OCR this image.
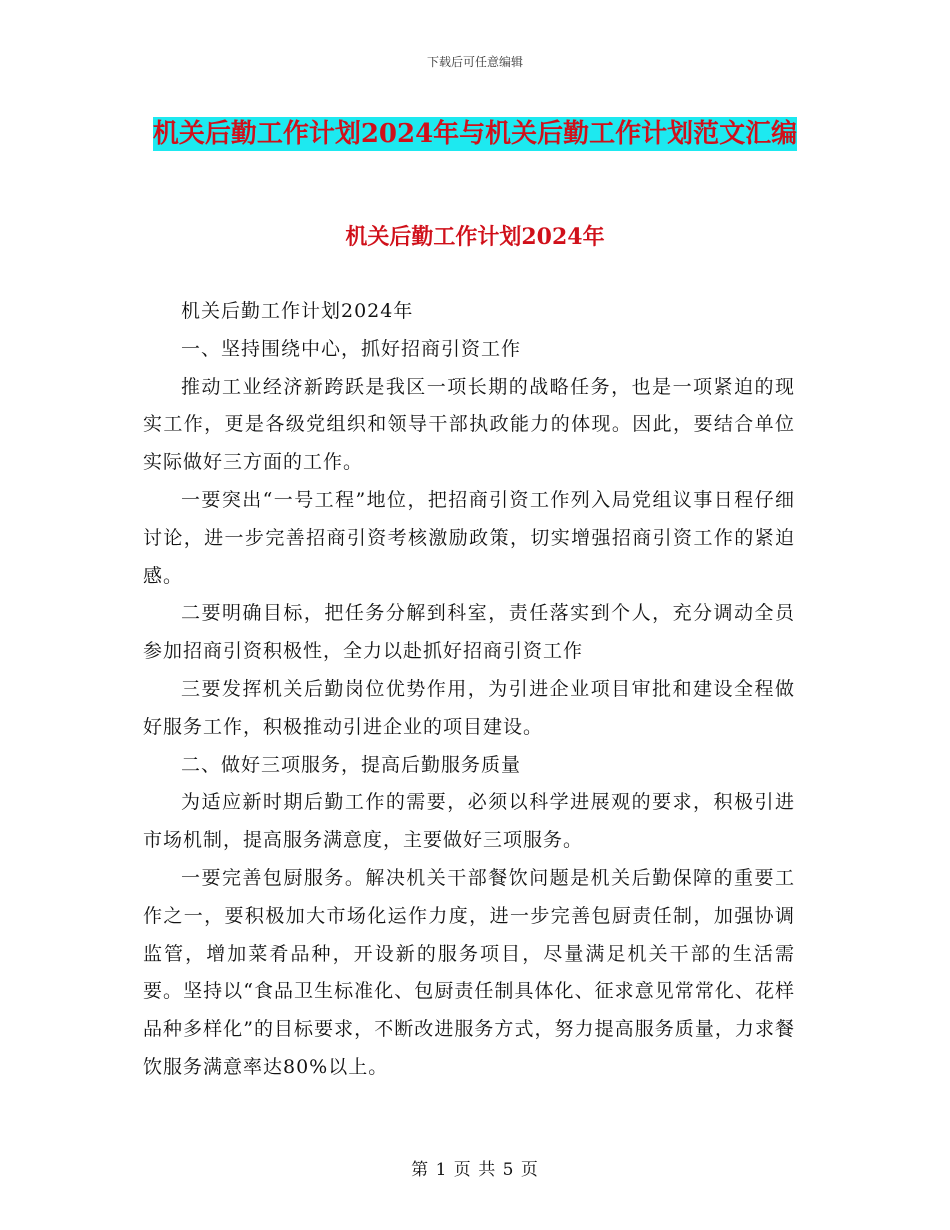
下载后可任意编辑
机关后勤工作计划2024年与机关后勤工作计划范文汇编
机关后勤工作计划2024年

机关后勤工作计划2024年

一、坚持围绕中心，抓好招商引资工作

推动工业经济新跨跃是我区一项长期的战略任务，也是一项紧迫的现实工作，更是各级党组织和领导干部执政能力的体现。因此，要结合单位实际做好三方面的工作。

一要突出“一号工程”地位，把招商引资工作列入局党组议事日程仔细讨论，进一步完善招商引资考核激励政策，切实增强招商引资工作的紧迫感。

二要明确目标，把任务分解到科室，责任落实到个人，充分调动全员参加招商引资积极性，全力以赴抓好招商引资工作

三要发挥机关后勤岗位优势作用，为引进企业项目审批和建设全程做好服务工作，积极推动引进企业的项目建设。

二、做好三项服务，提高后勤服务质量

为适应新时期后勤工作的需要，必须以科学进展观的要求，积极引进市场机制，提高服务满意度，主要做好三项服务。

一要完善包厨服务。解决机关干部餐饮问题是机关后勤保障的重要工作之一，要积极加大市场化运作力度，进一步完善包厨责任制，加强协调监管，增加菜肴品种，开设新的服务项目，尽量满足机关干部的生活需要。坚持以“食品卫生标准化、包厨责任制具体化、征求意见常常化、花样品种多样化”的目标要求，不断改进服务方式，努力提高服务质量，力求餐饮服务满意率达80%以上。

第 1 页 共 5 页
